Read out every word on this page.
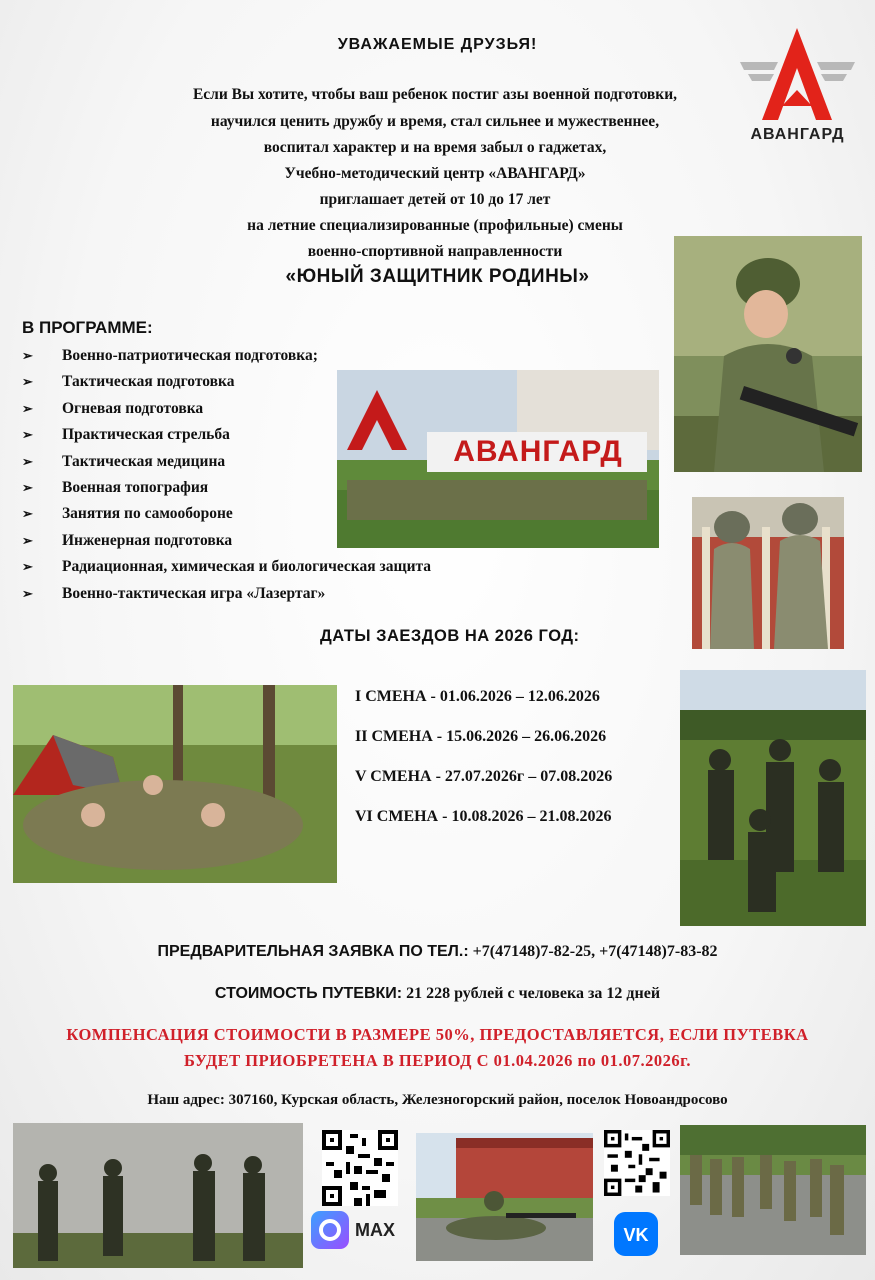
УВАЖАЕМЫЕ ДРУЗЬЯ!
Если Вы хотите, чтобы ваш ребенок постиг азы военной подготовки,
научился ценить дружбу и время, стал сильнее и мужественнее,
воспитал характер и на время забыл о гаджетах,
Учебно-методический центр «АВАНГАРД»
приглашает детей от 10 до 17 лет
на летние специализированные (профильные) смены
военно-спортивной направленности
«ЮНЫЙ ЗАЩИТНИК РОДИНЫ»
АВАНГАРД
В ПРОГРАММЕ:
➢ Военно-патриотическая подготовка;
➢ Тактическая подготовка
➢ Огневая подготовка
➢ Практическая стрельба
➢ Тактическая медицина
➢ Военная топография
➢ Занятия по самообороне
➢ Инженерная подготовка
➢ Радиационная, химическая и биологическая защита
➢ Военно-тактическая игра «Лазертаг»
АВАНГАРД
ДАТЫ ЗАЕЗДОВ НА 2026 ГОД:
I СМЕНА - 01.06.2026 – 12.06.2026
II СМЕНА - 15.06.2026 – 26.06.2026
V СМЕНА - 27.07.2026г – 07.08.2026
VI СМЕНА - 10.08.2026 – 21.08.2026
ПРЕДВАРИТЕЛЬНАЯ ЗАЯВКА ПО ТЕЛ.: +7(47148)7-82-25, +7(47148)7-83-82
СТОИМОСТЬ ПУТЕВКИ: 21 228 рублей с человека за 12 дней
КОМПЕНСАЦИЯ СТОИМОСТИ В РАЗМЕРЕ 50%, ПРЕДОСТАВЛЯЕТСЯ, ЕСЛИ ПУТЕВКА
БУДЕТ ПРИОБРЕТЕНА В ПЕРИОД С 01.04.2026 по 01.07.2026г.
Наш адрес: 307160, Курская область, Железногорский район, поселок Новоандросово
MAX	VK
